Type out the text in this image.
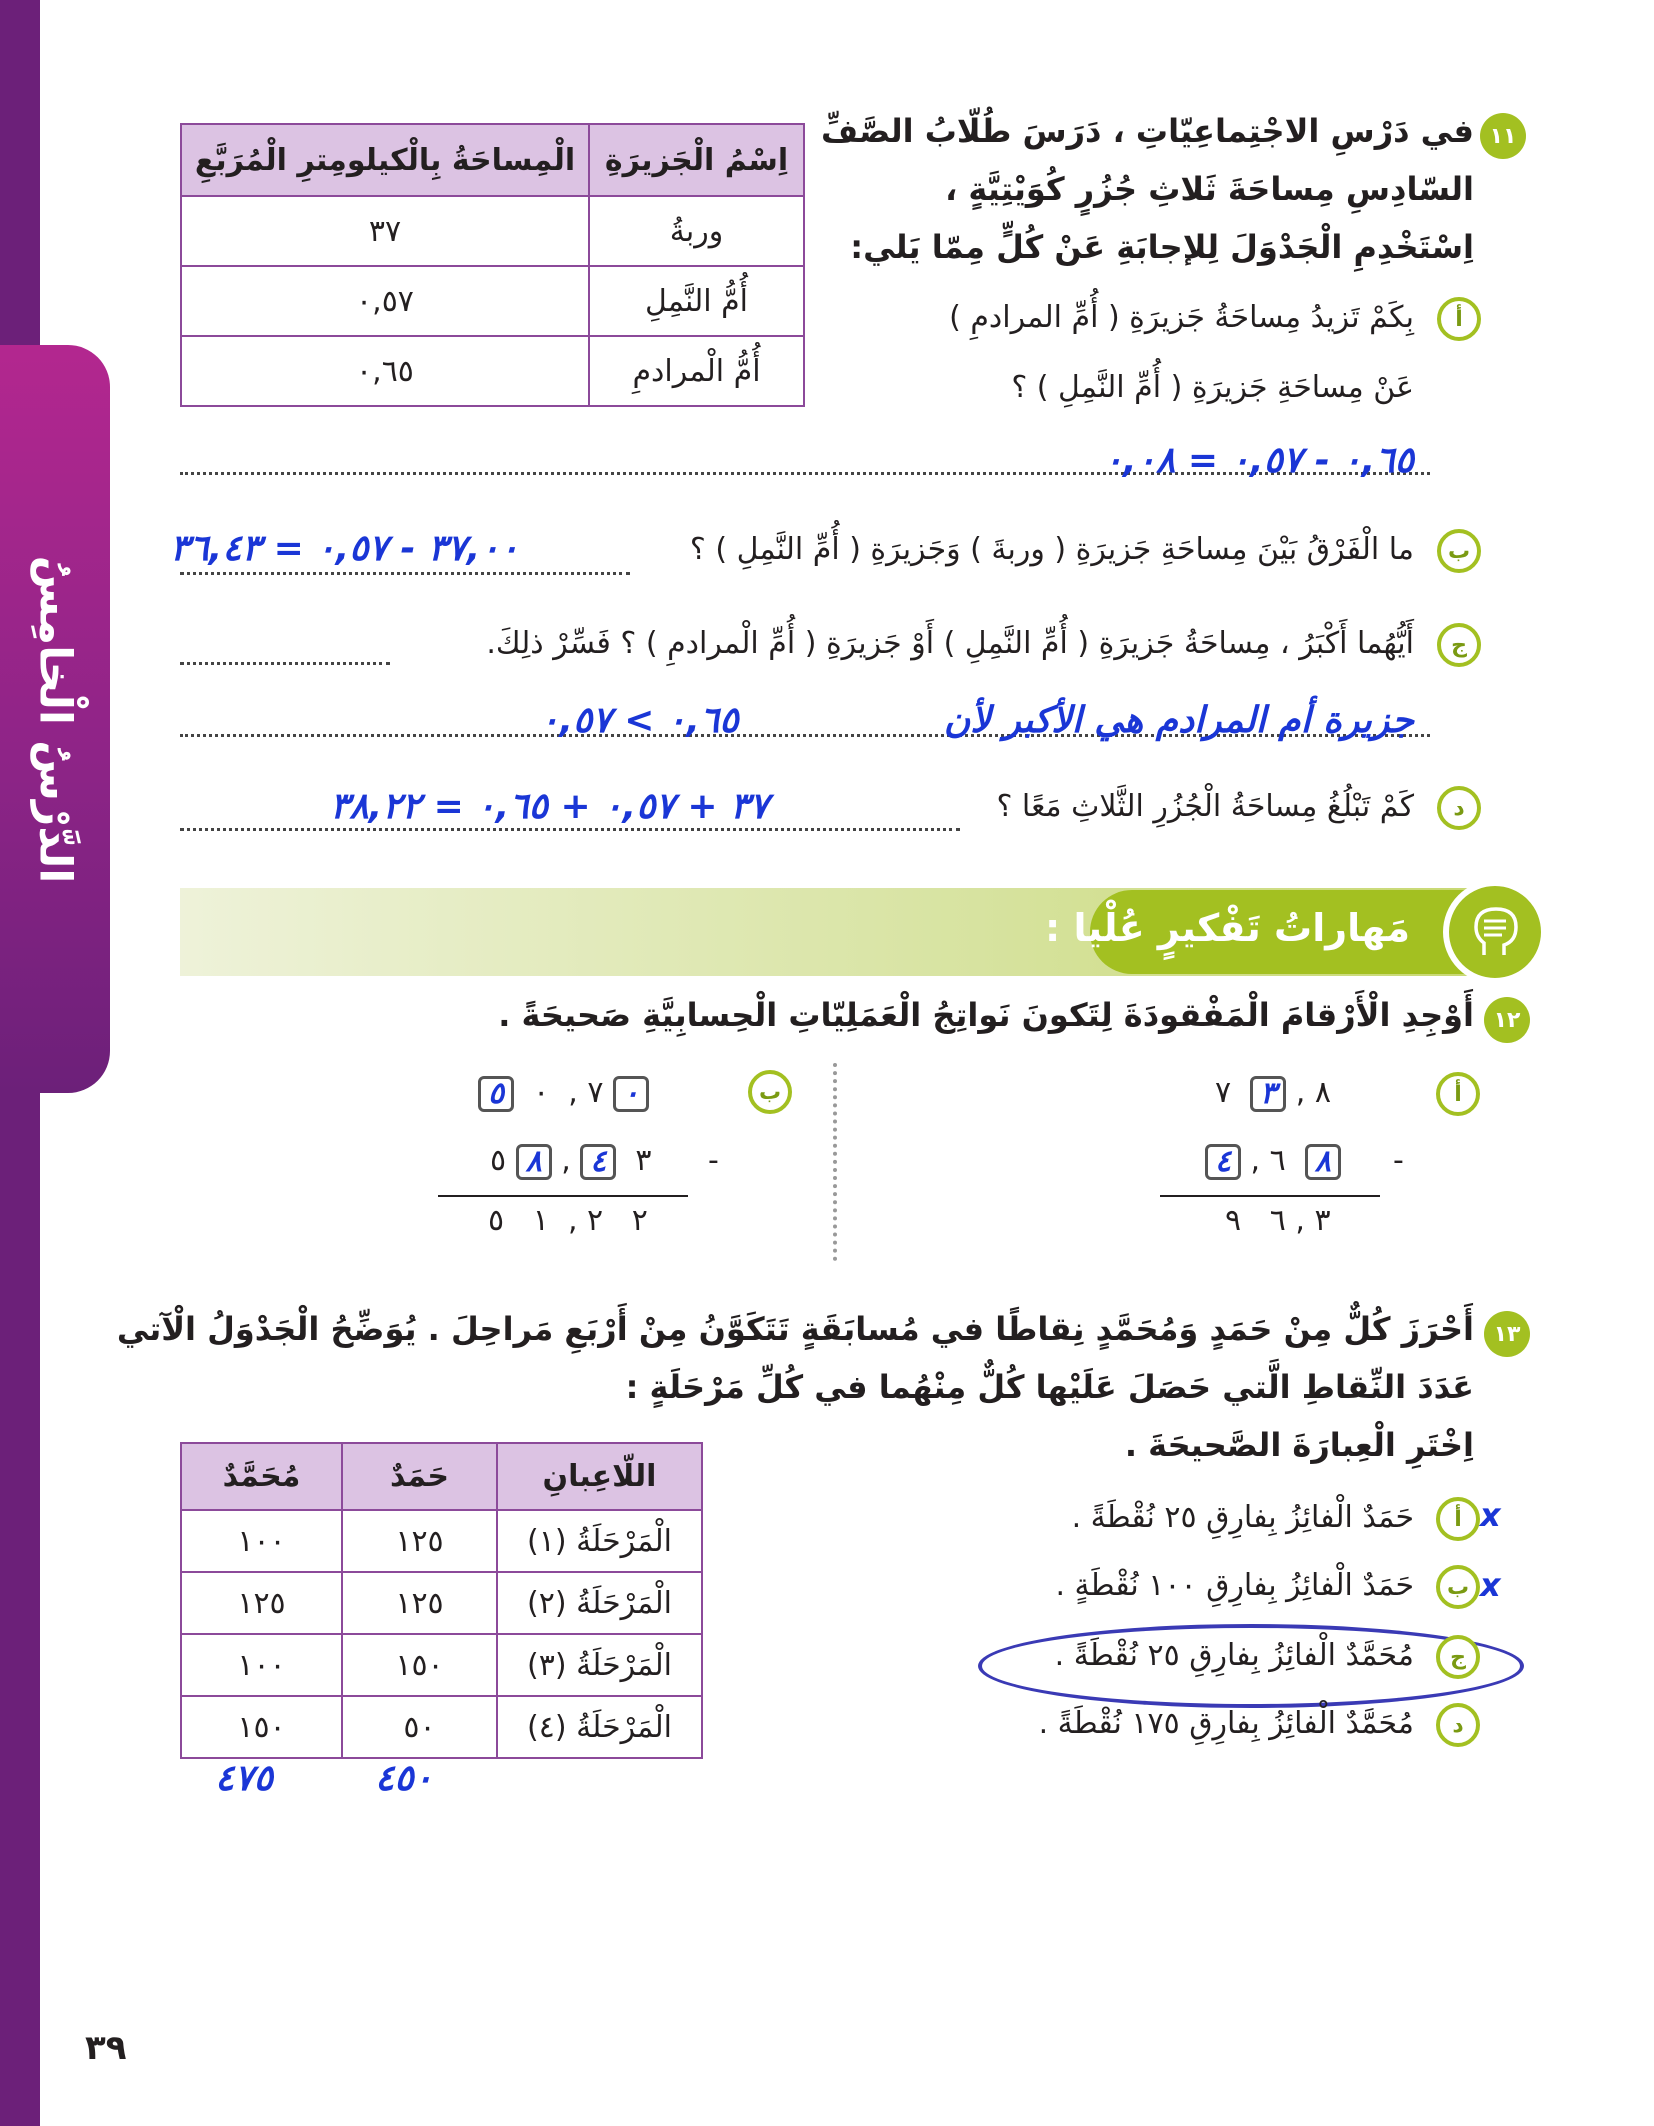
الدَّرْسُ الْخامِسُ
٣٩
١١
في دَرْسِ الاجْتِماعِيّاتِ ، دَرَسَ طُلّابُ الصَّفِّ
السّادِسِ مِساحَةَ ثَلاثِ جُزُرٍ كُوَيْتِيَّةٍ ،
اِسْتَخْدِمِ الْجَدْوَلَ لِلإجابَةِ عَنْ كُلٍّ مِمّا يَلي:
اِسْمُ الْجَزيرَةِ	الْمِساحَةُ بِالْكيلومِترِ الْمُرَبَّعِ
وربةُ	٣٧
أُمُّ النَّمِلِ	٠,٥٧
أُمُّ الْمرادمِ	٠,٦٥
أ
بِكَمْ تَزيدُ مِساحَةُ جَزيرَةِ ( أُمِّ المرادمِ )
عَنْ مِساحَةِ جَزيرَةِ ( أُمِّ النَّمِلِ ) ؟
٠,٦٥ - ٠,٥٧ = ٠,٠٨
ب
ما الْفَرْقُ بَيْنَ مِساحَةِ جَزيرَةِ ( وربةَ ) وَجَزيرَةِ ( أُمِّ النَّمِلِ ) ؟
٣٧,٠٠ - ٠,٥٧ = ٣٦,٤٣
ج
أَيُّهُما أَكْبَرُ ، مِساحَةُ جَزيرَةِ ( أُمِّ النَّمِلِ ) أَوْ جَزيرَةِ ( أُمِّ الْمرادمِ ) ؟ فَسِّرْ ذلِكَ.
جزيرة أم المرادم هي الأكبر لأن
٠,٦٥ > ٠,٥٧
د
كَمْ تَبْلُغُ مِساحَةُ الْجُزُرِ الثَّلاثِ مَعًا ؟
٣٧ + ٠,٥٧ + ٠,٦٥ = ٣٨,٢٢
مَهاراتُ تَفْكيرٍ عُلْيا :
١٢
أَوْجِدِ الْأَرْقامَ الْمَفْقودَةَ لِتَكونَ نَواتِجُ الْعَمَلِيّاتِ الْحِسابِيَّةِ صَحيحَةً .
أ
٨ , ٣  ٧
٤ , ٦ ٨	-
٣ , ٦   ٩
ب
٥	٧ ,  ٠ ٠
٣  ٤ , ٨ ٥	-
٢   ٢ ,  ١   ٥
١٣
أَحْرَزَ كُلٌّ مِنْ حَمَدٍ وَمُحَمَّدٍ نِقاطًا في مُسابَقَةٍ تَتَكَوَّنُ مِنْ أَرْبَعِ مَراحِلَ . يُوَضِّحُ الْجَدْوَلُ الْآتي
عَدَدَ النِّقاطِ الَّتي حَصَلَ عَلَيْها كُلٌّ مِنْهُما في كُلِّ مَرْحَلَةٍ :
اِخْتَرِ الْعِبارَةَ الصَّحيحَةَ .
اللّاعِبانِ	حَمَدٌ	مُحَمَّدٌ
الْمَرْحَلَةُ (١)	١٢٥	١٠٠
الْمَرْحَلَةُ (٢)	١٢٥	١٢٥
الْمَرْحَلَةُ (٣)	١٥٠	١٠٠
الْمَرْحَلَةُ (٤)	٥٠	١٥٠
٤٥٠
٤٧٥
x
أ
حَمَدٌ الْفائِزُ بِفارِقِ ٢٥ نُقْطَةً .
x
ب
حَمَدٌ الْفائِزُ بِفارِقِ ١٠٠ نُقْطَةٍ .
ج
مُحَمَّدٌ الْفائِزُ بِفارِقِ ٢٥ نُقْطَةً .
د
مُحَمَّدٌ الْفائِزُ بِفارِقِ ١٧٥ نُقْطَةً .
